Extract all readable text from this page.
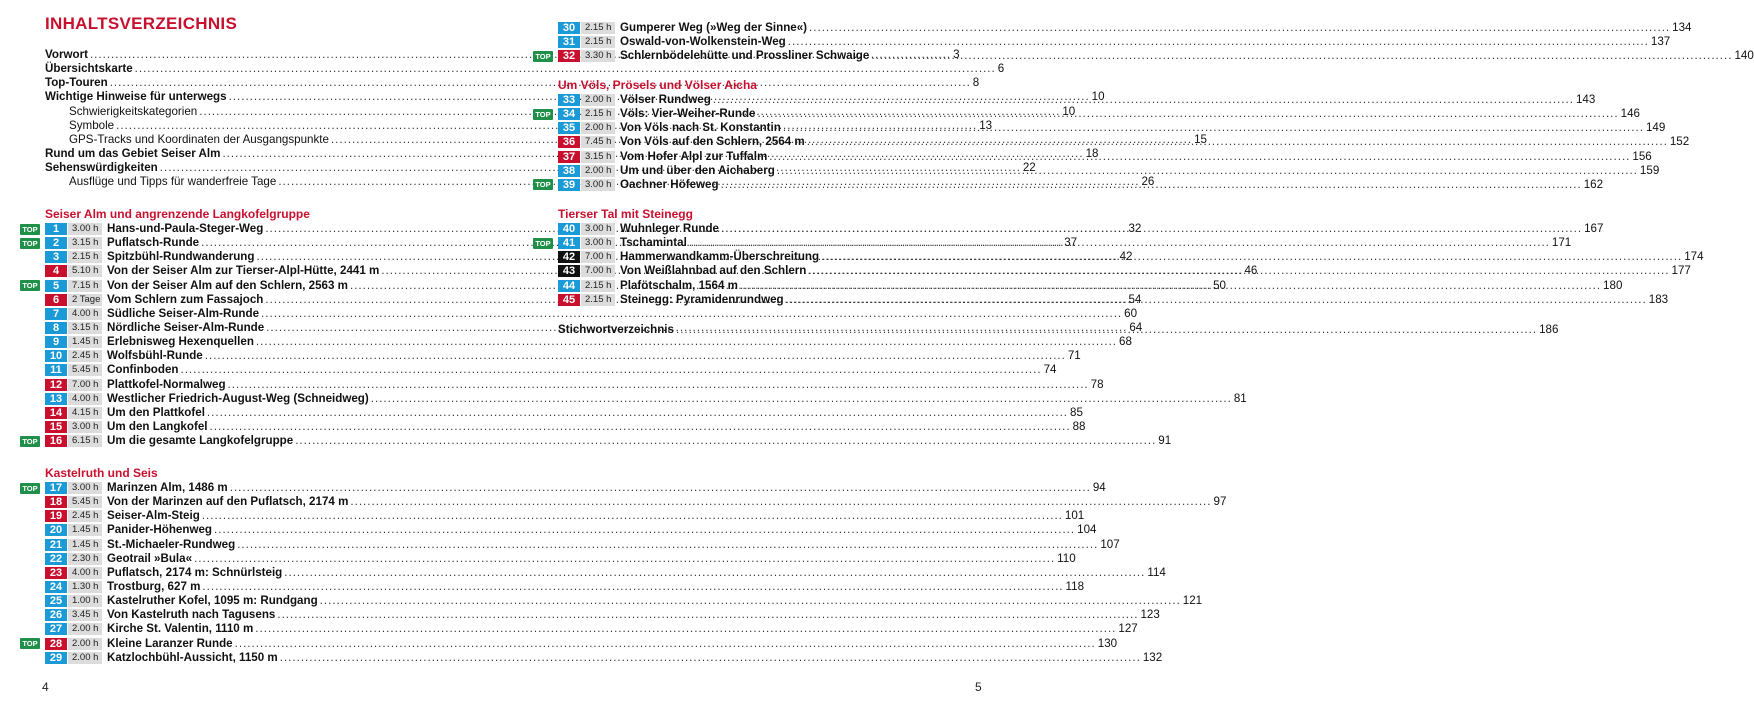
INHALTSVERZEICHNIS
Vorwort .....	3
Übersichtskarte .....	6
Top-Touren .....	8
Wichtige Hinweise für unterwegs .....	10
Schwierigkeitskategorien .....	10
Symbole .....	13
GPS-Tracks und Koordinaten der Ausgangspunkte .....	15
Rund um das Gebiet Seiser Alm .....	18
Sehenswürdigkeiten .....	22
Ausflüge und Tipps für wanderfreie Tage .....	26
Seiser Alm und angrenzende Langkofelgruppe
TOP	1	3.00 h Hans-und-Paula-Steger-Weg .....	32
TOP	2	3.15 h Puflatsch-Runde .....	37
3	2.15 h Spitzbühl-Rundwanderung .....	42
4	5.10 h Von der Seiser Alm zur Tierser-Alpl-Hütte, 2441 m .....	46
TOP	5	7.15 h Von der Seiser Alm auf den Schlern, 2563 m .....	50
6	2 Tage Vom Schlern zum Fassajoch .....	54
7	4.00 h Südliche Seiser-Alm-Runde .....	60
8	3.15 h Nördliche Seiser-Alm-Runde .....	64
9	1.45 h Erlebnisweg Hexenquellen .....	68
10	2.45 h Wolfsbühl-Runde .....	71
11	5.45 h Confinboden .....	74
12	7.00 h Plattkofel-Normalweg .....	78
13	4.00 h Westlicher Friedrich-August-Weg (Schneidweg) .....	81
14	4.15 h Um den Plattkofel .....	85
15	3.00 h Um den Langkofel .....	88
TOP	16	6.15 h Um die gesamte Langkofelgruppe .....	91
Kastelruth und Seis
TOP	17	3.00 h Marinzen Alm, 1486 m .....	94
18	5.45 h Von der Marinzen auf den Puflatsch, 2174 m .....	97
19	2.45 h Seiser-Alm-Steig .....	101
20	1.45 h Panider-Höhenweg .....	104
21	1.45 h St.-Michaeler-Rundweg .....	107
22	2.30 h Geotrail »Bula« .....	110
23	4.00 h Puflatsch, 2174 m: Schnürlsteig .....	114
24	1.30 h Trostburg, 627 m .....	118
25	1.00 h Kastelruther Kofel, 1095 m: Rundgang .....	121
26	3.45 h Von Kastelruth nach Tagusens .....	123
27	2.00 h Kirche St. Valentin, 1110 m .....	127
TOP	28	2.00 h Kleine Laranzer Runde .....	130
29	2.00 h Katzlochbühl-Aussicht, 1150 m .....	132
4
30	2.15 h Gumperer Weg (»Weg der Sinne«) .....	134
31	2.15 h Oswald-von-Wolkenstein-Weg .....	137
TOP	32	3.30 h Schlernbödelehütte und Prossliner Schwaige .....	140
Um Völs, Prösels und Völser Aicha
33	2.00 h Völser Rundweg .....	143
TOP	34	2.15 h Völs: Vier-Weiher-Runde .....	146
35	2.00 h Von Völs nach St. Konstantin .....	149
36	7.45 h Von Völs auf den Schlern, 2564 m .....	152
37	3.15 h Vom Hofer Alpl zur Tuffalm .....	156
38	2.00 h Um und über den Aichaberg .....	159
TOP	39	3.00 h Oachner Höfeweg .....	162
Tierser Tal mit Steinegg
40	3.00 h Wuhnleger Runde .....	167
TOP	41	3.00 h Tschamintal .....	171
42	7.00 h Hammerwandkamm-Überschreitung .....	174
43	7.00 h Von Weißlahnbad auf den Schlern .....	177
44	2.15 h Plafötschalm, 1564 m .....	180
45	2.15 h Steinegg: Pyramidenrundweg .....	183
Stichwortverzeichnis .....	186
5
